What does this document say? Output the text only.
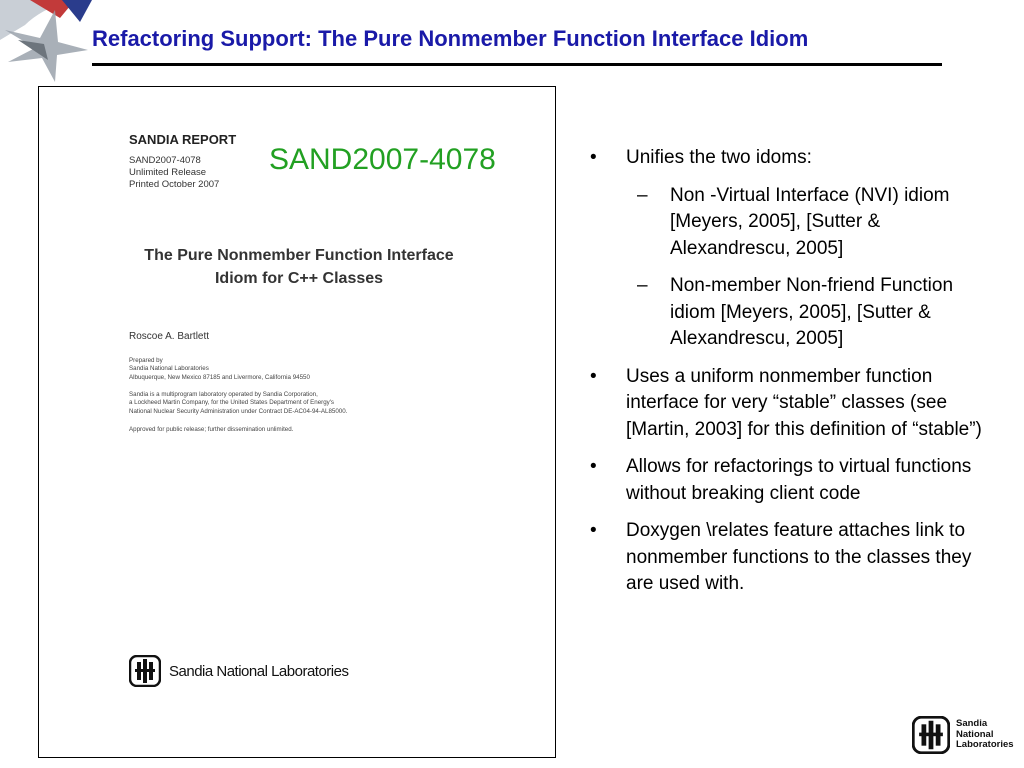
Refactoring Support: The Pure Nonmember Function Interface Idiom
SANDIA REPORT
SAND2007-4078
Unlimited Release
Printed October 2007
SAND2007-4078
The Pure Nonmember Function Interface
Idiom for C++ Classes
Roscoe A. Bartlett
Prepared by
Sandia National Laboratories
Albuquerque, New Mexico 87185 and Livermore, California 94550
Sandia is a multiprogram laboratory operated by Sandia Corporation,
a Lockheed Martin Company, for the United States Department of Energy's
National Nuclear Security Administration under Contract DE-AC04-94-AL85000.
Approved for public release; further dissemination unlimited.
Sandia National Laboratories
• Unifies the two idoms:
– Non -Virtual Interface (NVI) idiom [Meyers, 2005], [Sutter & Alexandrescu, 2005]
– Non-member Non-friend Function idiom [Meyers, 2005], [Sutter & Alexandrescu, 2005]
• Uses a uniform nonmember function interface for very “stable” classes (see [Martin, 2003] for this definition of “stable”)
• Allows for refactorings to virtual functions without breaking client code
• Doxygen \relates feature attaches link to nonmember functions to the classes they are used with.
Sandia
National
Laboratories
